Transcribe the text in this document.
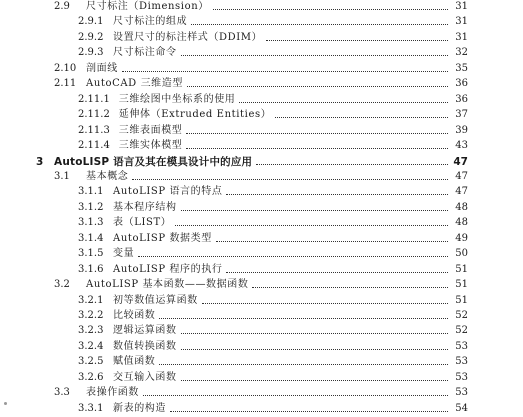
2.9	尺寸标注（Dimension）	31
2.9.1 尺寸标注的组成	31
2.9.2 设置尺寸的标注样式（DDIM）	31
2.9.3 尺寸标注命令	32
2.10 剖面线	35
2.11 AutoCAD 三维造型	36
2.11.1 三维绘图中坐标系的使用	36
2.11.2 延伸体（Extruded Entities）	37
2.11.3 三维表面模型	39
2.11.4 三维实体模型	43
3	AutoLISP 语言及其在模具设计中的应用	47
3.1	基本概念	47
3.1.1 AutoLISP 语言的特点	47
3.1.2 基本程序结构	48
3.1.3 表（LIST）	48
3.1.4 AutoLISP 数据类型	49
3.1.5 变量	50
3.1.6 AutoLISP 程序的执行	51
3.2	AutoLISP 基本函数——数据函数	51
3.2.1 初等数值运算函数	51
3.2.2 比较函数	52
3.2.3 逻辑运算函数	52
3.2.4 数值转换函数	53
3.2.5 赋值函数	53
3.2.6 交互输入函数	53
3.3	表操作函数	53
3.3.1 新表的构造	54
